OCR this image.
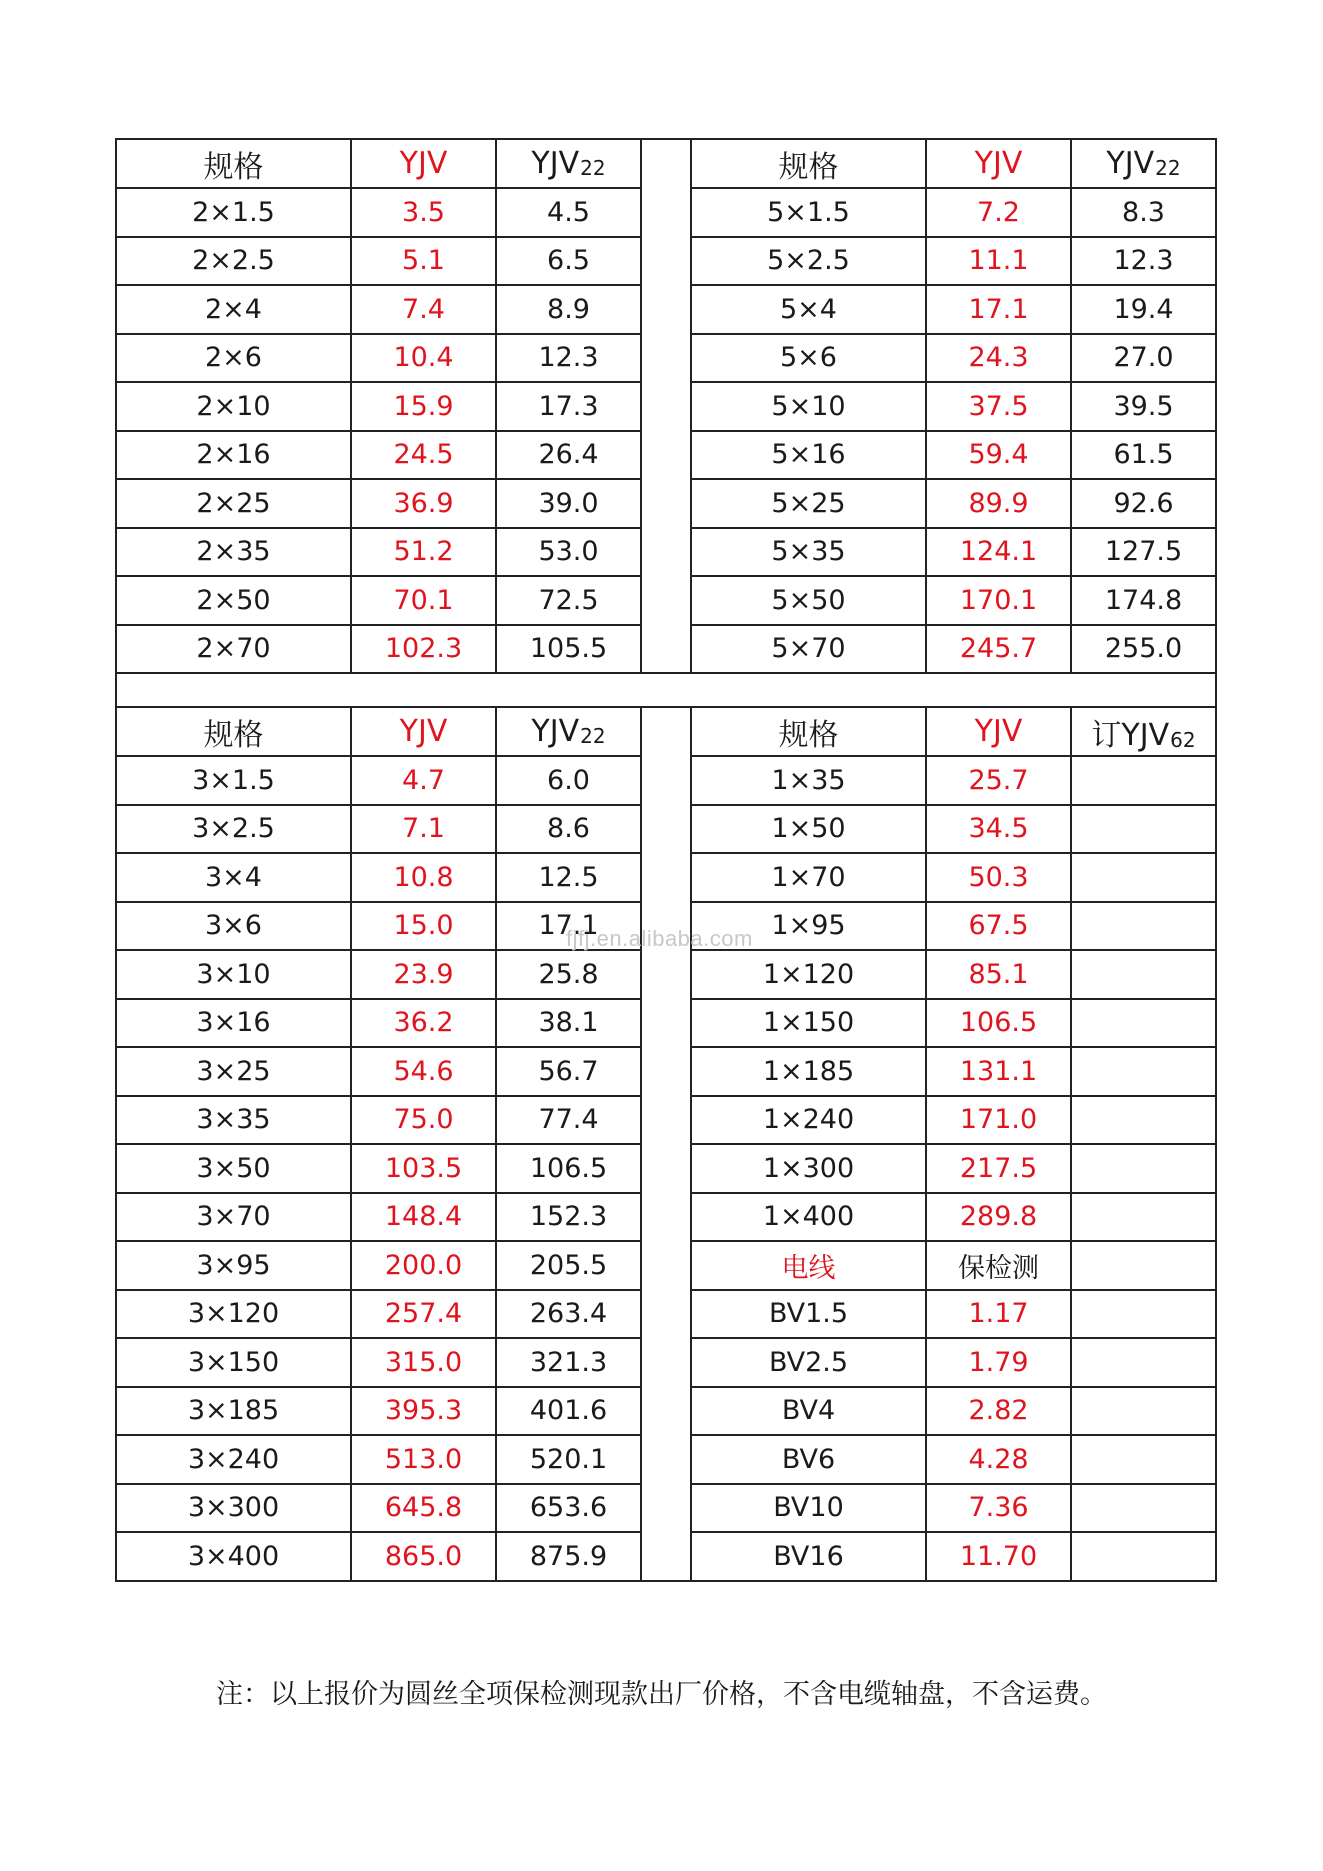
规格	YJV	$YJV_{22}$		规格	YJV	$YJV_{22}$
2×1.5	3.5	4.5		5×1.5	7.2	8.3
2×2.5	5.1	6.5		5×2.5	11.1	12.3
2×4	7.4	8.9		5×4	17.1	19.4
2×6	10.4	12.3		5×6	24.3	27.0
2×10	15.9	17.3		5×10	37.5	39.5
2×16	24.5	26.4		5×16	59.4	61.5
2×25	36.9	39.0		5×25	89.9	92.6
2×35	51.2	53.0		5×35	124.1	127.5
2×50	70.1	72.5		5×50	170.1	174.8
2×70	102.3	105.5		5×70	245.7	255.0

规格	YJV	$YJV_{22}$		规格	YJV	订$YJV_{62}$
3×1.5	4.7	6.0		1×35	25.7	
3×2.5	7.1	8.6		1×50	34.5	
3×4	10.8	12.5		1×70	50.3	
3×6	15.0	17.1		1×95	67.5	
3×10	23.9	25.8		1×120	85.1	
3×16	36.2	38.1		1×150	106.5	
3×25	54.6	56.7		1×185	131.1	
3×35	75.0	77.4		1×240	171.0	
3×50	103.5	106.5		1×300	217.5	
3×70	148.4	152.3		1×400	289.8	
3×95	200.0	205.5		电线	保检测	
3×120	257.4	263.4		BV1.5	1.17	
3×150	315.0	321.3		BV2.5	1.79	
3×185	395.3	401.6		BV4	2.82	
3×240	513.0	520.1		BV6	4.28	
3×300	645.8	653.6		BV10	7.36	
3×400	865.0	875.9		BV16	11.70	
fjfj.en.alibaba.com
注：以上报价为圆丝全项保检测现款出厂价格，不含电缆轴盘，不含运费。
